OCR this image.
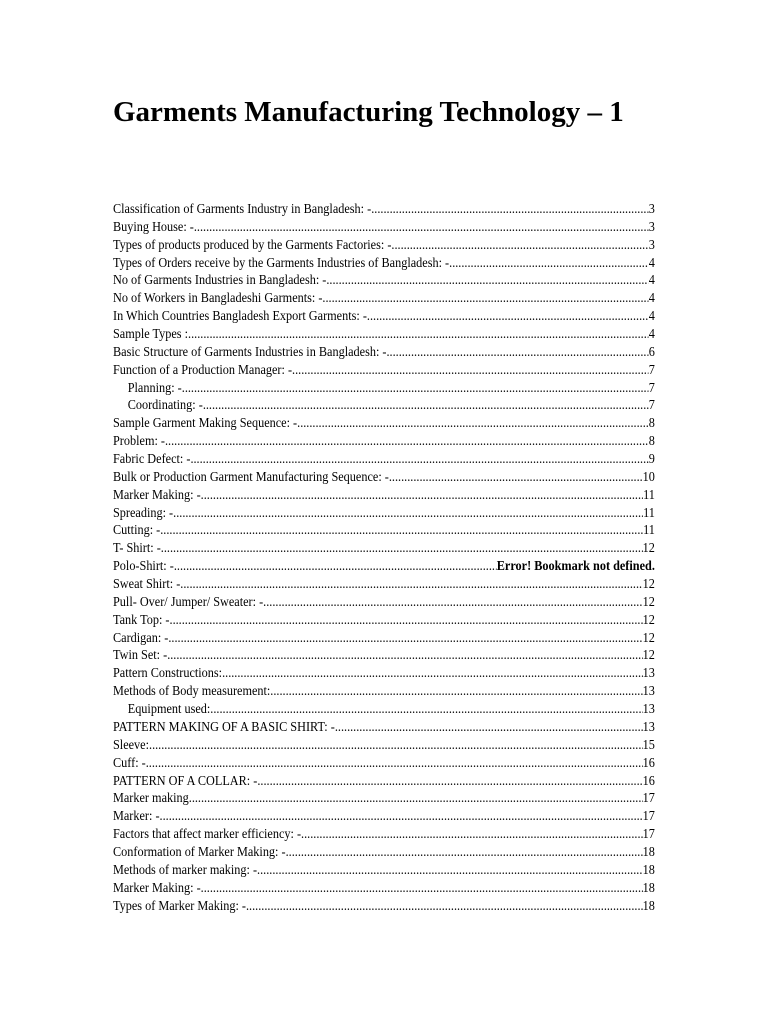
Garments Manufacturing Technology – 1
Classification of Garments Industry in Bangladesh: - .....	3
Buying House: - .....	3
Types of products produced by the Garments Factories: - .....	3
Types of Orders receive by the Garments Industries of Bangladesh: - .....	4
No of Garments Industries in Bangladesh: - .....	4
No of Workers in Bangladeshi Garments: - .....	4
In Which Countries Bangladesh Export Garments: - .....	4
Sample Types : .....	4
Basic Structure of Garments Industries in Bangladesh: - .....	6
Function of a Production Manager: - .....	7
Planning: - .....	7
Coordinating: - .....	7
Sample Garment Making Sequence: - .....	8
Problem: - .....	8
Fabric Defect: - .....	9
Bulk or Production Garment Manufacturing Sequence: - .....	10
Marker Making: - .....	11
Spreading: - .....	11
Cutting: - .....	11
T- Shirt: - .....	12
Polo-Shirt: - .....	Error! Bookmark not defined.
Sweat Shirt: - .....	12
Pull- Over/ Jumper/ Sweater: - .....	12
Tank Top: - .....	12
Cardigan: - .....	12
Twin Set: - .....	12
Pattern Constructions: .....	13
Methods of Body measurement: .....	13
Equipment used: .....	13
PATTERN MAKING OF A BASIC SHIRT: - .....	13
Sleeve: .....	15
Cuff: - .....	16
PATTERN OF A COLLAR: - .....	16
Marker making .....	17
Marker: - .....	17
Factors that affect marker efficiency: - .....	17
Conformation of Marker Making: - .....	18
Methods of marker making: - .....	18
Marker Making: - .....	18
Types of Marker Making: - .....	18
